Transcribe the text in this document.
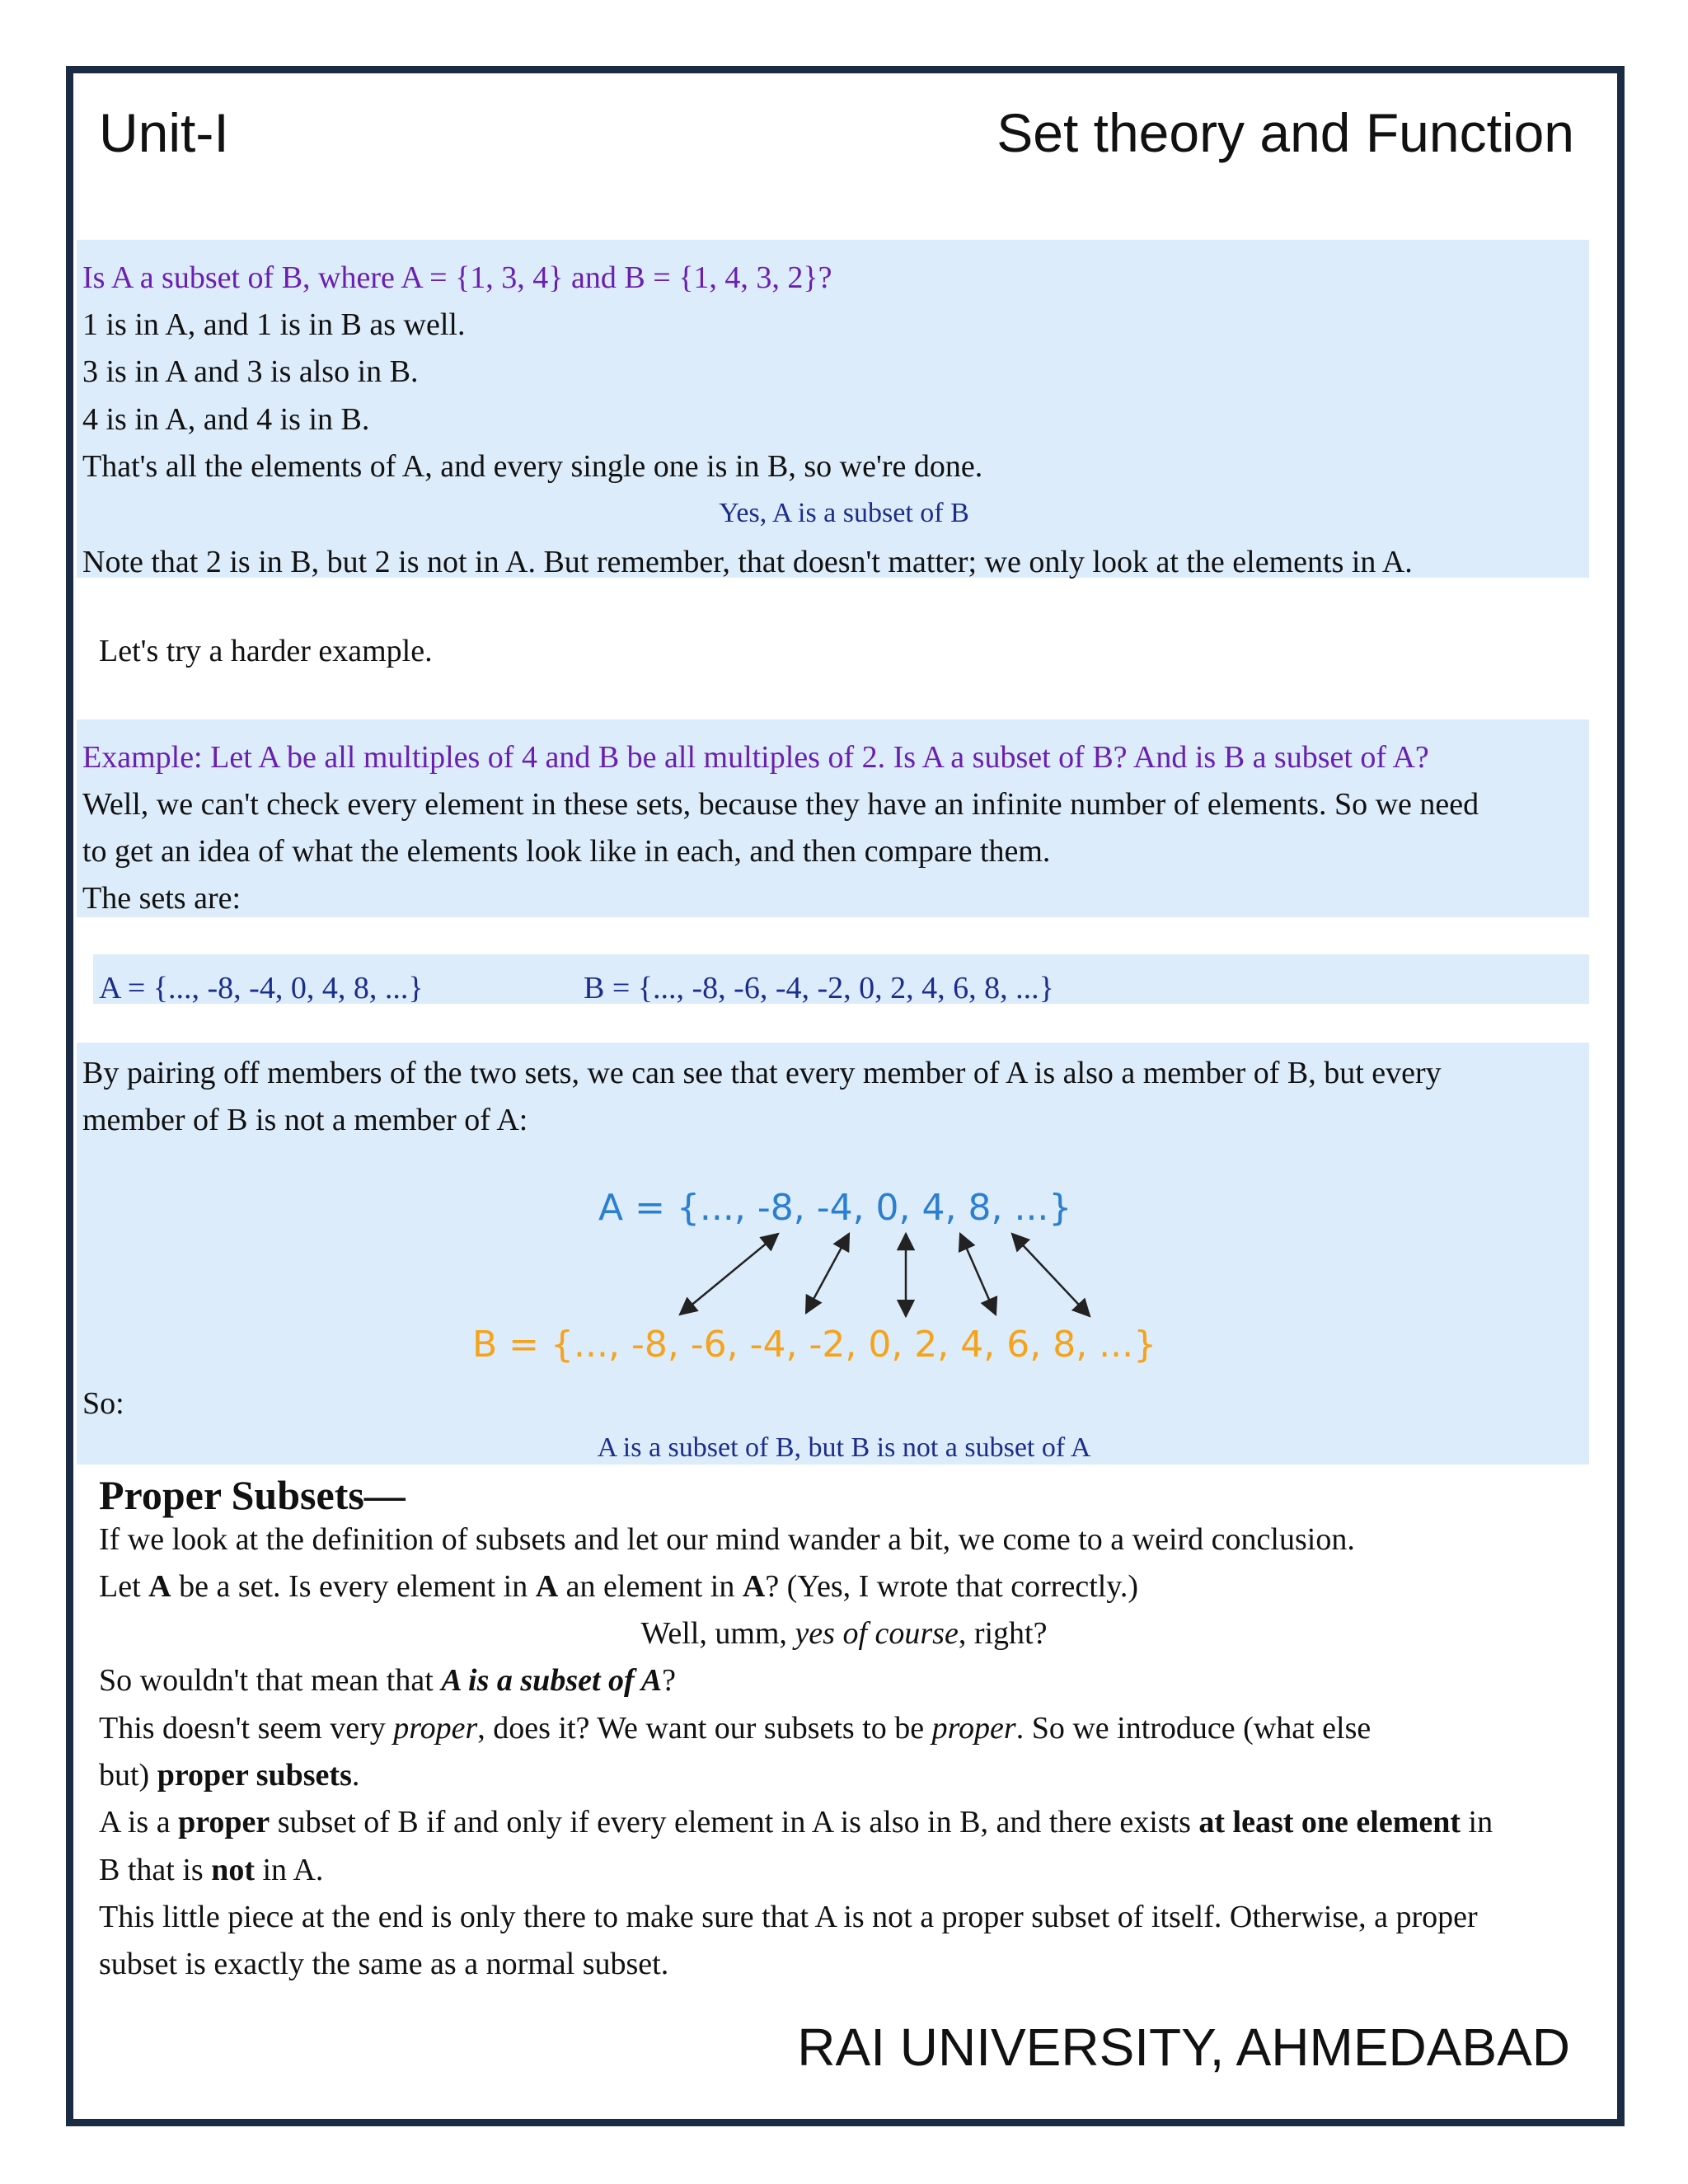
Unit-I	Set theory and Function
Is A a subset of B, where A = {1, 3, 4} and B = {1, 4, 3, 2}?
1 is in A, and 1 is in B as well.
3 is in A and 3 is also in B.
4 is in A, and 4 is in B.
That's all the elements of A, and every single one is in B, so we're done.
Yes, A is a subset of B
Note that 2 is in B, but 2 is not in A. But remember, that doesn't matter; we only look at the elements in A.
Let's try a harder example.
Example: Let A be all multiples of 4 and B be all multiples of 2. Is A a subset of B? And is B a subset of A?
Well, we can't check every element in these sets, because they have an infinite number of elements. So we need
to get an idea of what the elements look like in each, and then compare them.
The sets are:
A = {..., -8, -4, 0, 4, 8, ...}	B = {..., -8, -6, -4, -2, 0, 2, 4, 6, 8, ...}
By pairing off members of the two sets, we can see that every member of A is also a member of B, but every
member of B is not a member of A:
A = {..., -8, -4, 0, 4, 8, ...}
B = {..., -8, -6, -4, -2, 0, 2, 4, 6, 8, ...}
So:
A is a subset of B, but B is not a subset of A
Proper Subsets—
If we look at the definition of subsets and let our mind wander a bit, we come to a weird conclusion.
Let A be a set. Is every element in A an element in A? (Yes, I wrote that correctly.)
Well, umm, yes of course, right?
So wouldn't that mean that A is a subset of A?
This doesn't seem very proper, does it? We want our subsets to be proper. So we introduce (what else
but) proper subsets.
A is a proper subset of B if and only if every element in A is also in B, and there exists at least one element in
B that is not in A.
This little piece at the end is only there to make sure that A is not a proper subset of itself. Otherwise, a proper
subset is exactly the same as a normal subset.
RAI UNIVERSITY, AHMEDABAD
